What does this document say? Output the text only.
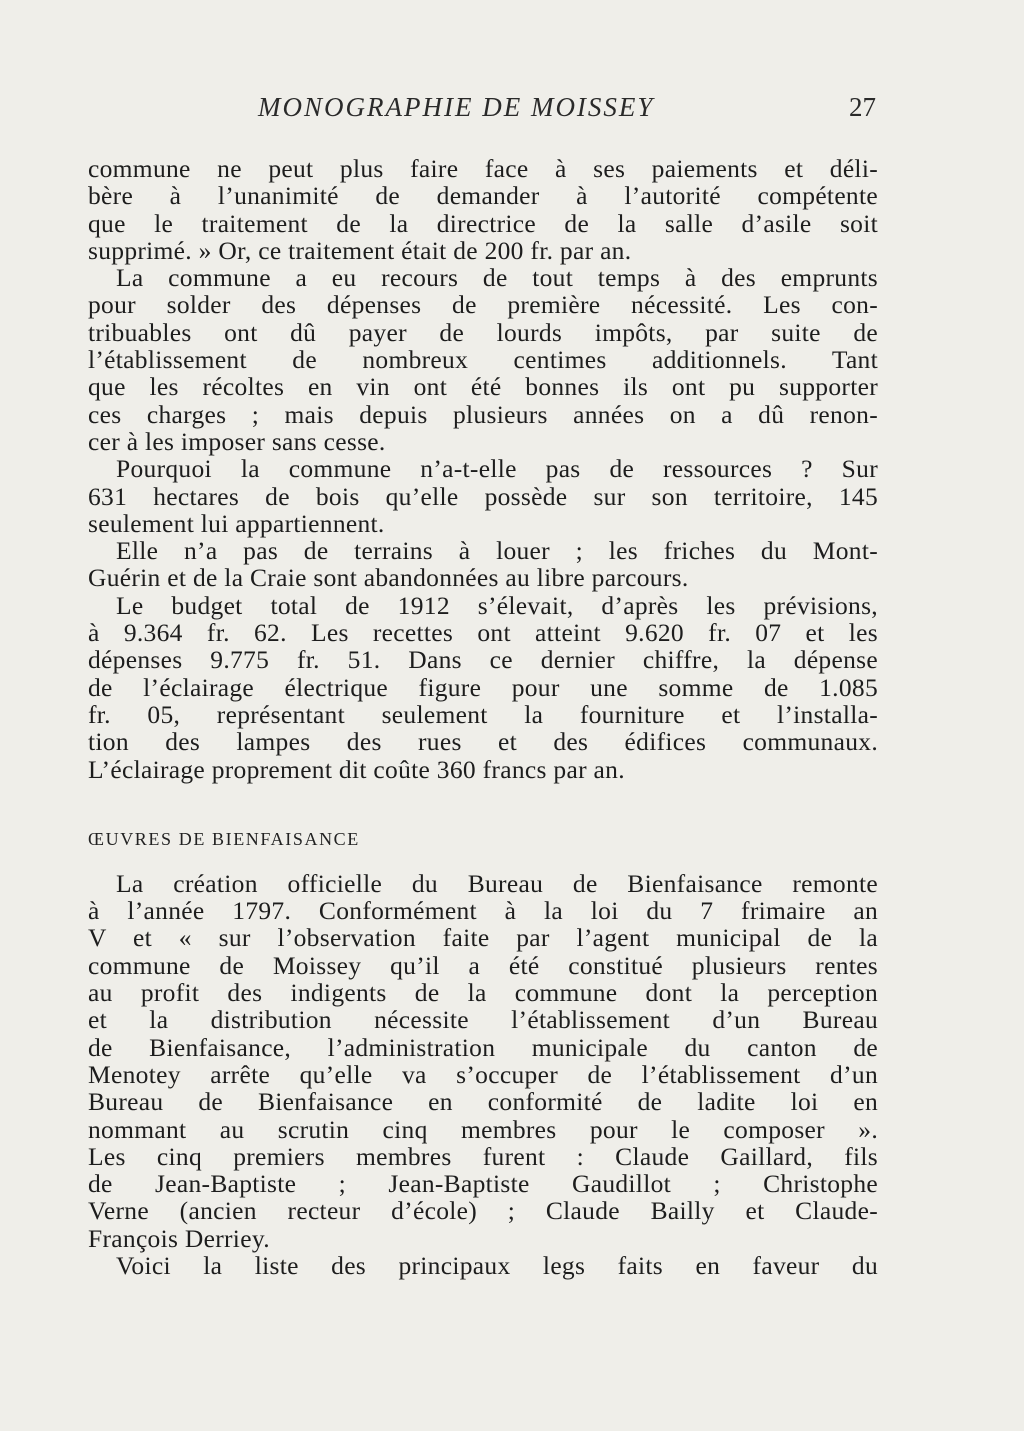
MONOGRAPHIE DE MOISSEY	27
commune ne peut plus faire face à ses paiements et déli-
bère à l’unanimité de demander à l’autorité compétente
que le traitement de la directrice de la salle d’asile soit
supprimé. » Or, ce traitement était de 200 fr. par an.
La commune a eu recours de tout temps à des emprunts
pour solder des dépenses de première nécessité. Les con-
tribuables ont dû payer de lourds impôts, par suite de
l’établissement de nombreux centimes additionnels. Tant
que les récoltes en vin ont été bonnes ils ont pu supporter
ces charges ; mais depuis plusieurs années on a dû renon-
cer à les imposer sans cesse.
Pourquoi la commune n’a-t-elle pas de ressources ? Sur
631 hectares de bois qu’elle possède sur son territoire, 145
seulement lui appartiennent.
Elle n’a pas de terrains à louer ; les friches du Mont-
Guérin et de la Craie sont abandonnées au libre parcours.
Le budget total de 1912 s’élevait, d’après les prévisions,
à 9.364 fr. 62. Les recettes ont atteint 9.620 fr. 07 et les
dépenses 9.775 fr. 51. Dans ce dernier chiffre, la dépense
de l’éclairage électrique figure pour une somme de 1.085
fr. 05, représentant seulement la fourniture et l’installa-
tion des lampes des rues et des édifices communaux.
L’éclairage proprement dit coûte 360 francs par an.
ŒUVRES DE BIENFAISANCE
La création officielle du Bureau de Bienfaisance remonte
à l’année 1797. Conformément à la loi du 7 frimaire an
V et « sur l’observation faite par l’agent municipal de la
commune de Moissey qu’il a été constitué plusieurs rentes
au profit des indigents de la commune dont la perception
et la distribution nécessite l’établissement d’un Bureau
de Bienfaisance, l’administration municipale du canton de
Menotey arrête qu’elle va s’occuper de l’établissement d’un
Bureau de Bienfaisance en conformité de ladite loi en
nommant au scrutin cinq membres pour le composer ».
Les cinq premiers membres furent : Claude Gaillard, fils
de Jean-Baptiste ; Jean-Baptiste Gaudillot ; Christophe
Verne (ancien recteur d’école) ; Claude Bailly et Claude-
François Derriey.
Voici la liste des principaux legs faits en faveur du
